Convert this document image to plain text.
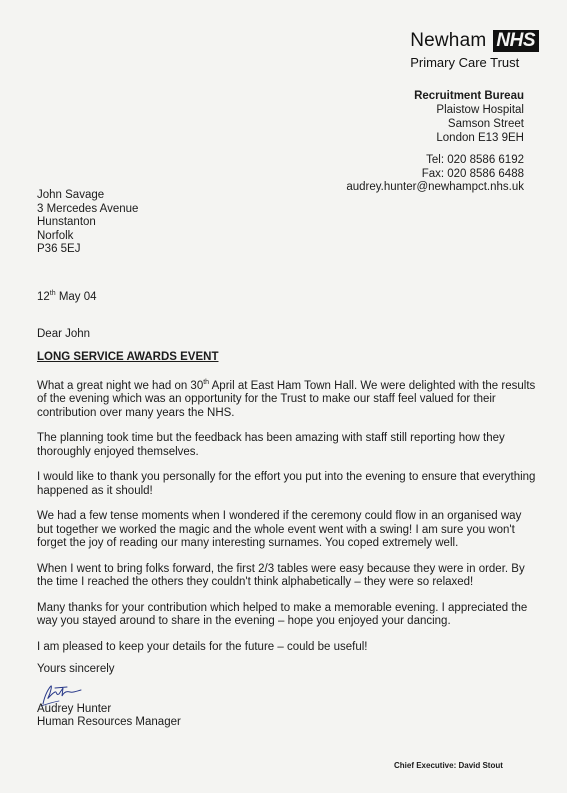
Newham NHS
Primary Care Trust
Recruitment Bureau
Plaistow Hospital
Samson Street
London E13 9EH
Tel: 020 8586 6192
Fax: 020 8586 6488
audrey.hunter@newhampct.nhs.uk
John Savage
3 Mercedes Avenue
Hunstanton
Norfolk
P36 5EJ
12th May 04
Dear John
LONG SERVICE AWARDS EVENT

What a great night we had on 30th April at East Ham Town Hall. We were delighted with the results of the evening which was an opportunity for the Trust to make our staff feel valued for their contribution over many years the NHS.

The planning took time but the feedback has been amazing with staff still reporting how they thoroughly enjoyed themselves.

I would like to thank you personally for the effort you put into the evening to ensure that everything happened as it should!

We had a few tense moments when I wondered if the ceremony could flow in an organised way but together we worked the magic and the whole event went with a swing! I am sure you won't forget the joy of reading our many interesting surnames. You coped extremely well.

When I went to bring folks forward, the first 2/3 tables were easy because they were in order. By the time I reached the others they couldn't think alphabetically – they were so relaxed!

Many thanks for your contribution which helped to make a memorable evening. I appreciated the way you stayed around to share in the evening – hope you enjoyed your dancing.

I am pleased to keep your details for the future – could be useful!

Yours sincerely
Audrey Hunter
Human Resources Manager
Chief Executive: David Stout
